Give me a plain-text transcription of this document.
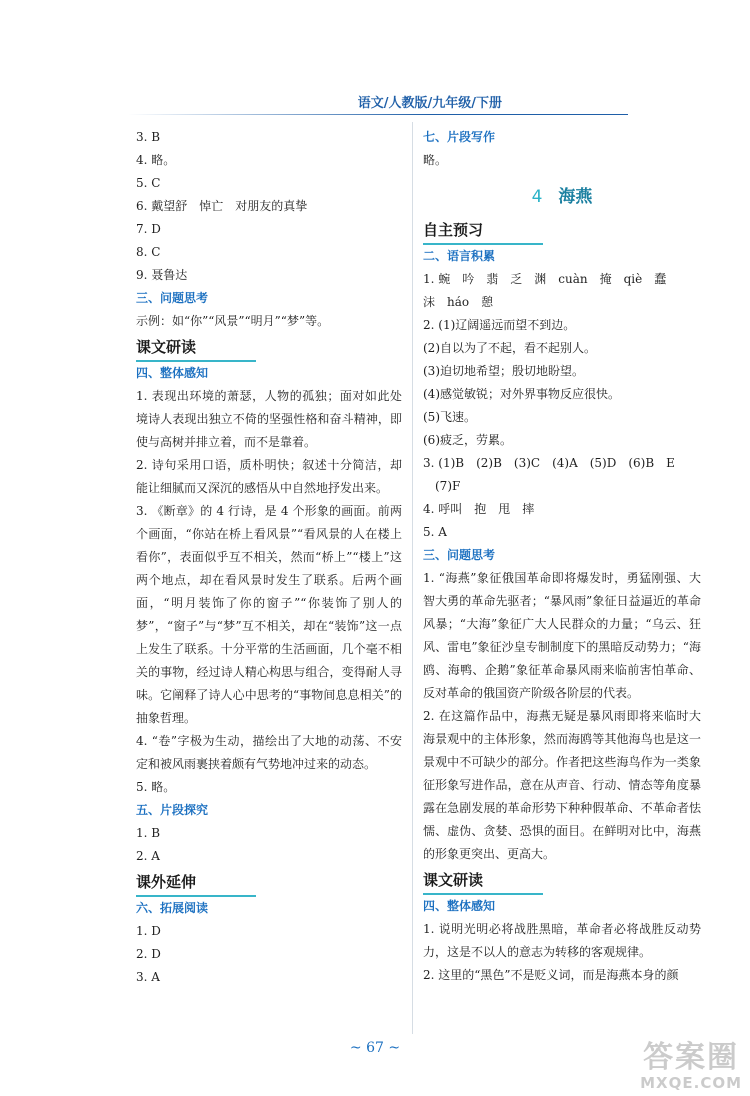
语文/人教版/九年级/下册
3. B
4. 略。
5. C
6. 戴望舒　悼亡　对朋友的真挚
7. D
8. C
9. 聂鲁达
三、问题思考
示例：如“你”“风景”“明月”“梦”等。
课文研读
四、整体感知
1. 表现出环境的萧瑟，人物的孤独；面对如此处境诗人表现出独立不倚的坚强性格和奋斗精神，即使与高树并排立着，而不是靠着。
2. 诗句采用口语，质朴明快；叙述十分简洁，却能让细腻而又深沉的感悟从中自然地抒发出来。
3. 《断章》的 4 行诗，是 4 个形象的画面。前两个画面，“你站在桥上看风景”“看风景的人在楼上看你”，表面似乎互不相关，然而“桥上”“楼上”这两个地点，却在看风景时发生了联系。后两个画面，“明月装饰了你的窗子”“你装饰了别人的梦”，“窗子”与“梦”互不相关，却在“装饰”这一点上发生了联系。十分平常的生活画面，几个毫不相关的事物，经过诗人精心构思与组合，变得耐人寻味。它阐释了诗人心中思考的“事物间息息相关”的抽象哲理。
4. “卷”字极为生动，描绘出了大地的动荡、不安定和被风雨裹挟着颇有气势地冲过来的动态。
5. 略。
五、片段探究
1. B
2. A
课外延伸
六、拓展阅读
1. D
2. D
3. A
七、片段写作
略。
4 海燕
自主预习
二、语言积累
1. 蜿　吟　翡　乏　渊　cuàn　掩　qiè　蠢
沫　háo　憩
2. (1)辽阔遥远而望不到边。
(2)自以为了不起，看不起别人。
(3)迫切地希望；殷切地盼望。
(4)感觉敏锐；对外界事物反应很快。
(5)飞速。
(6)疲乏，劳累。
3. (1)B　(2)B　(3)C　(4)A　(5)D　(6)B　E
　(7)F
4. 呼叫　抱　甩　摔
5. A
三、问题思考
1. “海燕”象征俄国革命即将爆发时，勇猛刚强、大智大勇的革命先驱者；“暴风雨”象征日益逼近的革命风暴；“大海”象征广大人民群众的力量；“乌云、狂风、雷电”象征沙皇专制制度下的黑暗反动势力；“海鸥、海鸭、企鹅”象征革命暴风雨来临前害怕革命、反对革命的俄国资产阶级各阶层的代表。
2. 在这篇作品中，海燕无疑是暴风雨即将来临时大海景观中的主体形象，然而海鸥等其他海鸟也是这一景观中不可缺少的部分。作者把这些海鸟作为一类象征形象写进作品，意在从声音、行动、情态等角度暴露在急剧发展的革命形势下种种假革命、不革命者怯懦、虚伪、贪婪、恐惧的面目。在鲜明对比中，海燕的形象更突出、更高大。
课文研读
四、整体感知
1. 说明光明必将战胜黑暗，革命者必将战胜反动势力，这是不以人的意志为转移的客观规律。
2. 这里的“黑色”不是贬义词，而是海燕本身的颜
~ 67 ~	答案圈
MXQE.COM
